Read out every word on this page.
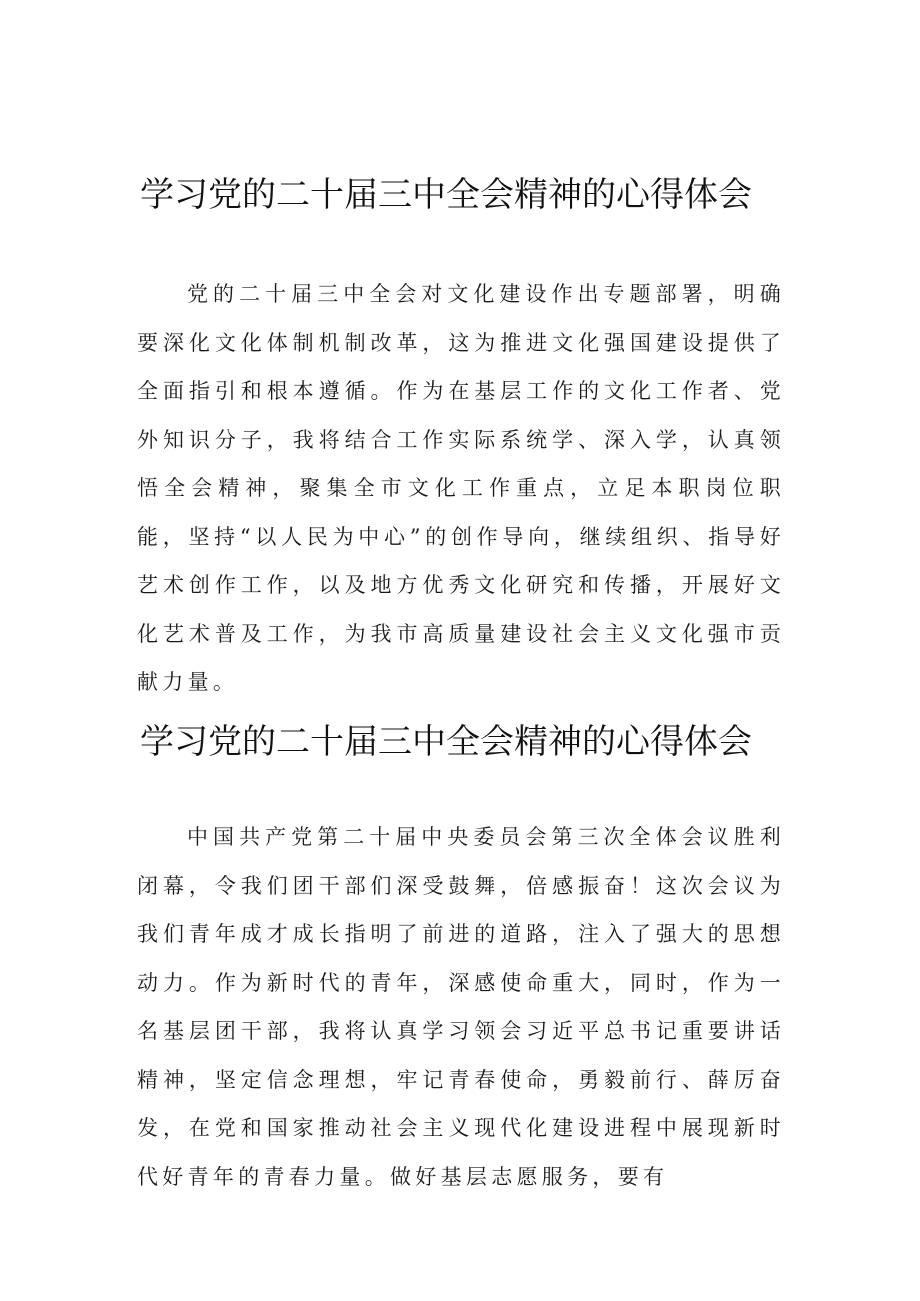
学习党的二十届三中全会精神的心得体会

党的二十届三中全会对文化建设作出专题部署，明确要深化文化体制机制改革，这为推进文化强国建设提供了全面指引和根本遵循。作为在基层工作的文化工作者、党外知识分子，我将结合工作实际系统学、深入学，认真领悟全会精神，聚集全市文化工作重点，立足本职岗位职能，坚持“以人民为中心”的创作导向，继续组织、指导好艺术创作工作，以及地方优秀文化研究和传播，开展好文化艺术普及工作，为我市高质量建设社会主义文化强市贡献力量。

学习党的二十届三中全会精神的心得体会

中国共产党第二十届中央委员会第三次全体会议胜利闭幕，令我们团干部们深受鼓舞，倍感振奋！这次会议为我们青年成才成长指明了前进的道路，注入了强大的思想动力。作为新时代的青年，深感使命重大，同时，作为一名基层团干部，我将认真学习领会习近平总书记重要讲话精神，坚定信念理想，牢记青春使命，勇毅前行、薛厉奋发，在党和国家推动社会主义现代化建设进程中展现新时代好青年的青春力量。做好基层志愿服务，要有
